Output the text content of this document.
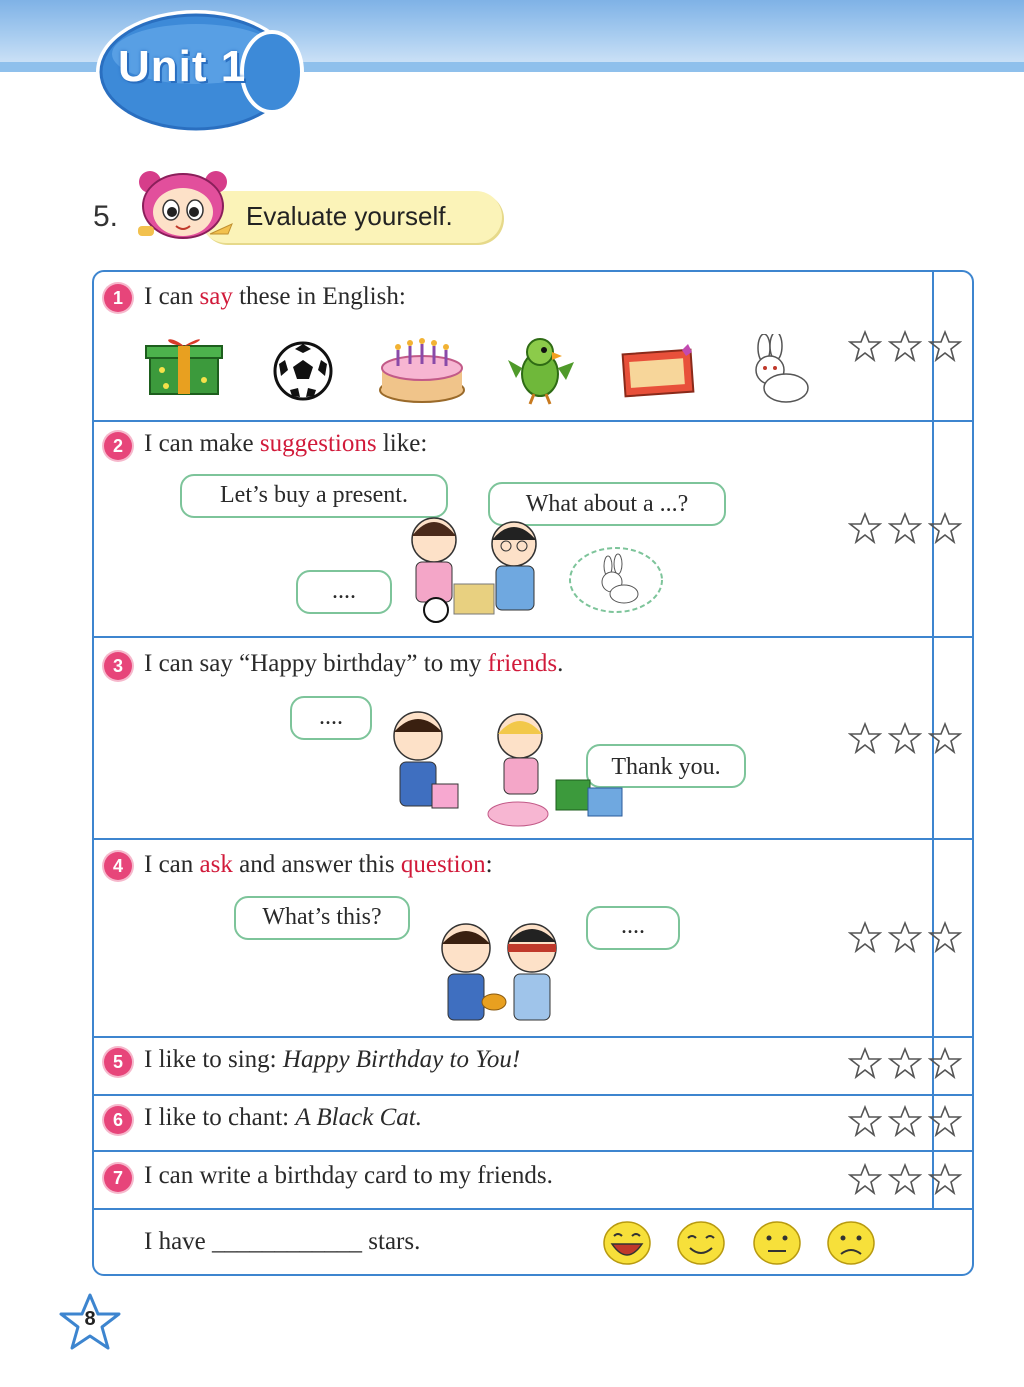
Unit 1
5.	Evaluate yourself.
1 I can say these in English:
2 I can make suggestions like:
Let’s buy a present.	What about a ...?
....
3 I can say “Happy birthday” to my friends.
....
Thank you.
4 I can ask and answer this question:
What’s this?	....
5 I like to sing: Happy Birthday to You!
6 I like to chant: A Black Cat.
7 I can write a birthday card to my friends.
I have ____________ stars.
8
